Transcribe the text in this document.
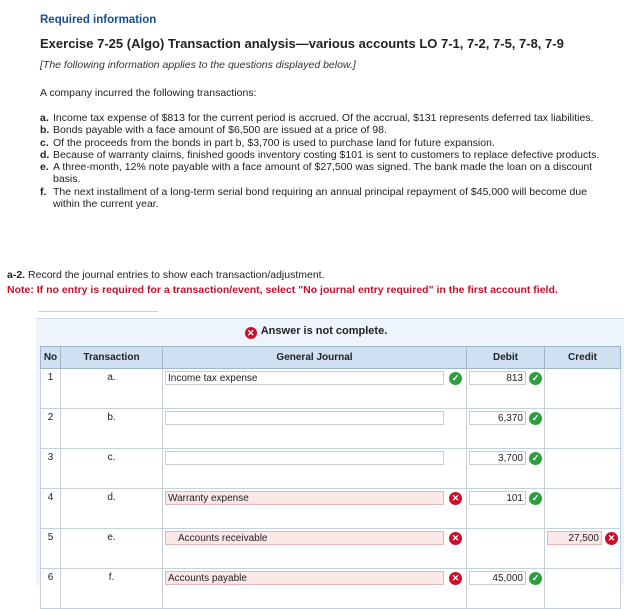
Required information
Exercise 7-25 (Algo) Transaction analysis—various accounts LO 7-1, 7-2, 7-5, 7-8, 7-9
[The following information applies to the questions displayed below.]
A company incurred the following transactions:
a. Income tax expense of $813 for the current period is accrued. Of the accrual, $131 represents deferred tax liabilities.
b. Bonds payable with a face amount of $6,500 are issued at a price of 98.
c. Of the proceeds from the bonds in part b, $3,700 is used to purchase land for future expansion.
d. Because of warranty claims, finished goods inventory costing $101 is sent to customers to replace defective products.
e. A three-month, 12% note payable with a face amount of $27,500 was signed. The bank made the loan on a discount basis.
f. The next installment of a long-term serial bond requiring an annual principal repayment of $45,000 will become due within the current year.
a-2. Record the journal entries to show each transaction/adjustment.
Note: If no entry is required for a transaction/event, select "No journal entry required" in the first account field.
✕ Answer is not complete.
No	Transaction	General Journal	Debit	Credit
1	a.	Income tax expense ✓	813 ✓	

2	b.		6,370 ✓	

3	c.		3,700 ✓	

4	d.	Warranty expense ✕	101 ✓	

5	e.	Accounts receivable ✕		27,500 ✕

6	f.	Accounts payable ✕	45,000 ✓	
